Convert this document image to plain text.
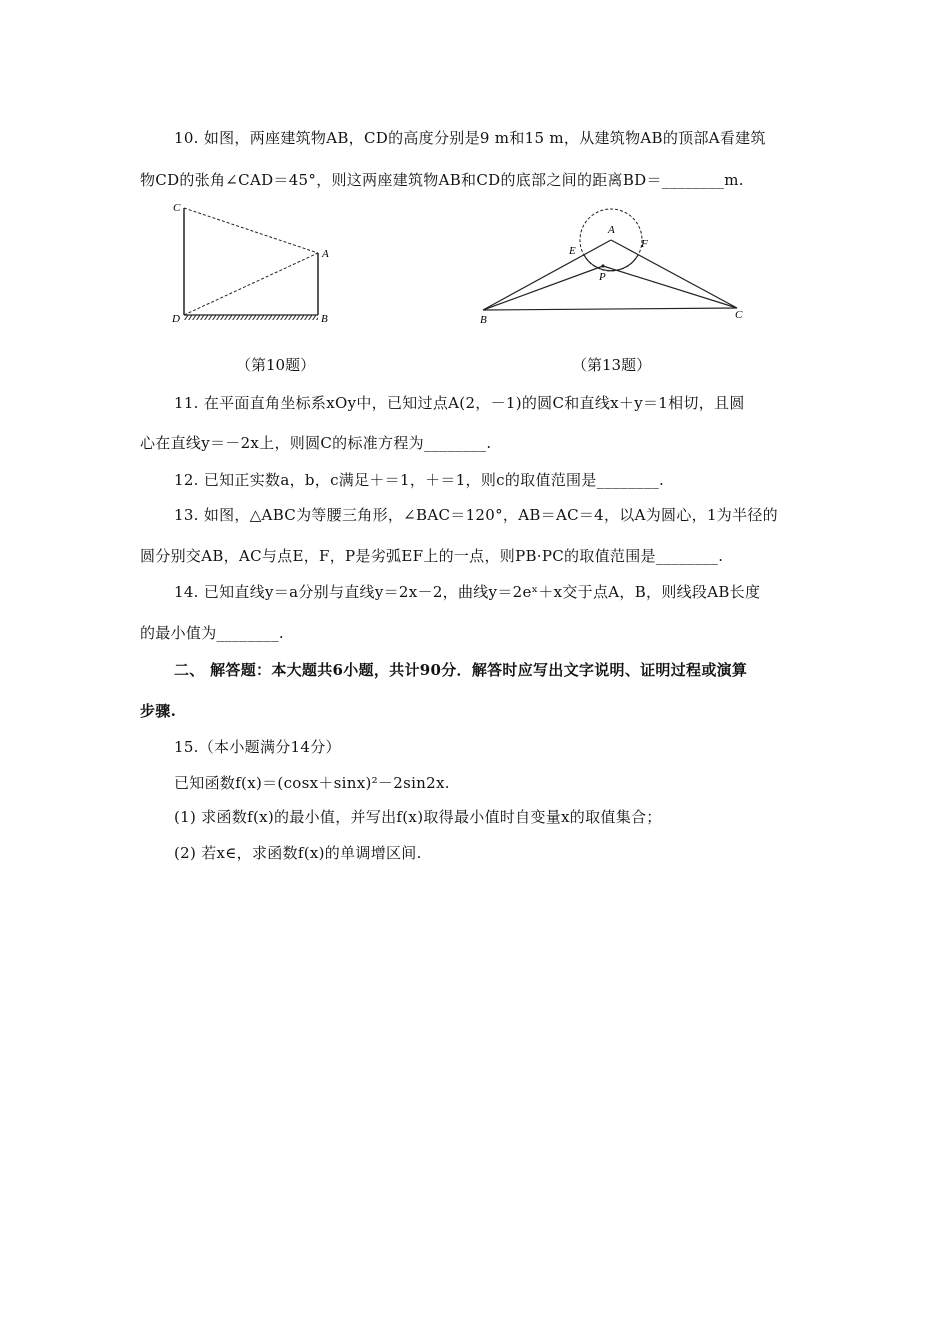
10. 如图，两座建筑物AB，CD的高度分别是9 m和15 m，从建筑物AB的顶部A看建筑
物CD的张角∠CAD＝45°，则这两座建筑物AB和CD的底部之间的距离BD＝________m.
C
A
D	B
A
E
F
P
B	C
（第10题）	（第13题）
11. 在平面直角坐标系xOy中，已知过点A(2，－1)的圆C和直线x＋y＝1相切，且圆
心在直线y＝－2x上，则圆C的标准方程为________.
12. 已知正实数a，b，c满足＋＝1，＋＝1，则c的取值范围是________.
13. 如图，△ABC为等腰三角形，∠BAC＝120°，AB＝AC＝4，以A为圆心，1为半径的
圆分别交AB，AC与点E，F，P是劣弧EF上的一点，则PB·PC的取值范围是________.
14. 已知直线y＝a分别与直线y＝2x－2，曲线y＝2eˣ＋x交于点A，B，则线段AB长度
的最小值为________.
二、 解答题：本大题共6小题，共计90分．解答时应写出文字说明、证明过程或演算
步骤.
15.（本小题满分14分）
已知函数f(x)＝(cosx＋sinx)²－2sin2x.
(1) 求函数f(x)的最小值，并写出f(x)取得最小值时自变量x的取值集合；
(2) 若x∈，求函数f(x)的单调增区间.
